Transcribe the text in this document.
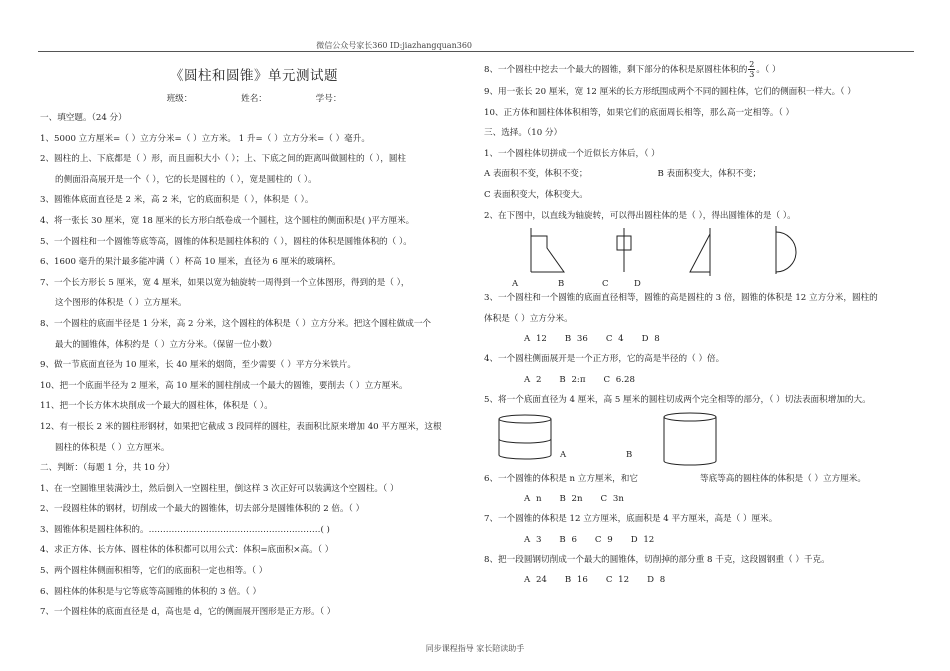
微信公众号家长360 ID:jiazhangquan360
《圆柱和圆锥》单元测试题
班级：	姓名：	学号：
一、填空题。（24 分）
1、5000 立方厘米=（ ）立方分米=（ ）立方米。 1 升=（ ）立方分米=（ ）毫升。
2、圆柱的上、下底都是（ ）形，而且面积大小（ ）；上、下底之间的距离叫做圆柱的（ ），圆柱
的侧面沿高展开是一个（ ），它的长是圆柱的（ ），宽是圆柱的（ ）。
3、圆锥体底面直径是 2 米，高 2 米，它的底面积是（ ），体积是（ ）。
4、将一张长 30 厘米，宽 18 厘米的长方形白纸卷成一个圆柱，这个圆柱的侧面积是( )平方厘米。
5、一个圆柱和一个圆锥等底等高，圆锥的体积是圆柱体积的（ ），圆柱的体积是圆锥体积的（ ）。
6、1600 毫升的果汁最多能冲满（ ）杯高 10 厘米，直径为 6 厘米的玻璃杯。
7、一个长方形长 5 厘米，宽 4 厘米，如果以宽为轴旋转一周得到一个立体图形，得到的是（ ），
这个图形的体积是（ ）立方厘米。
8、一个圆柱的底面半径是 1 分米，高 2 分米，这个圆柱的体积是（ ）立方分米。把这个圆柱做成一个
最大的圆锥体，体积约是（ ）立方分米。（保留一位小数）
9、做一节底面直径为 10 厘米，长 40 厘米的烟筒，至少需要（ ）平方分米铁片。
10、把一个底面半径为 2 厘米，高 10 厘米的圆柱削成一个最大的圆锥，要削去（ ）立方厘米。
11、把一个长方体木块削成一个最大的圆柱体，体积是（ ）。
12、有一根长 2 米的圆柱形钢材，如果把它截成 3 段同样的圆柱，表面积比原来增加 40 平方厘米，这根
圆柱的体积是（ ）立方厘米。
二、判断：（每题 1 分，共 10 分）
1、在一空圆锥里装满沙土，然后倒入一空圆柱里，倒这样 3 次正好可以装满这个空圆柱。（ ）
2、一段圆柱体的钢材，切削成一个最大的圆锥体，切去部分是圆锥体积的 2 倍。（ ）
3、圆锥体积是圆柱体积的。……………………………………………………( )
4、求正方体、长方体、圆柱体的体积都可以用公式：体积=底面积×高。（ ）
5、两个圆柱体侧面积相等，它们的底面积一定也相等。（ ）
6、圆柱体的体积是与它等底等高圆锥的体积的 3 倍。（ ）
7、一个圆柱体的底面直径是 d，高也是 d，它的侧面展开图形是正方形。（ ）
8、一个圆柱中挖去一个最大的圆锥，剩下部分的体积是原圆柱体积的 $\frac{2}{3}$ 。（ ）
9、用一张长 20 厘米，宽 12 厘米的长方形纸围成两个不同的圆柱体，它们的侧面积一样大。（ ）
10、正方体和圆柱体体积相等，如果它们的底面周长相等，那么高一定相等。（ ）
三、选择。（10 分）
1、一个圆柱体切拼成一个近似长方体后，（ ）
A 表面积不变，体积不变；	B 表面积变大，体积不变；
C 表面积变大，体积变大。
2、在下图中，以直线为轴旋转，可以得出圆柱体的是（ ），得出圆锥体的是（ ）。
A	B	C	D
3、一个圆柱和一个圆锥的底面直径相等，圆锥的高是圆柱的 3 倍，圆锥的体积是 12 立方分米，圆柱的
体积是（ ）立方分米。
A 12 B 36 C 4 D 8
4、一个圆柱侧面展开是一个正方形，它的高是半径的（ ）倍。
A 2 B 2:π C 6.28
5、将一个底面直径为 4 厘米，高 5 厘米的圆柱切成两个完全相等的部分，（ ）切法表面积增加的大。
A	B
6、一个圆锥的体积是 n 立方厘米，和它	等底等高的圆柱体的体积是（ ）立方厘米。
A n B 2n C 3n
7、一个圆锥的体积是 12 立方厘米，底面积是 4 平方厘米，高是（ ）厘米。
A 3 B 6 C 9 D 12
8、把一段圆钢切削成一个最大的圆锥体，切削掉的部分重 8 千克，这段圆钢重（ ）千克。
A 24 B 16 C 12 D 8
同步课程指导 家长陪读助手
